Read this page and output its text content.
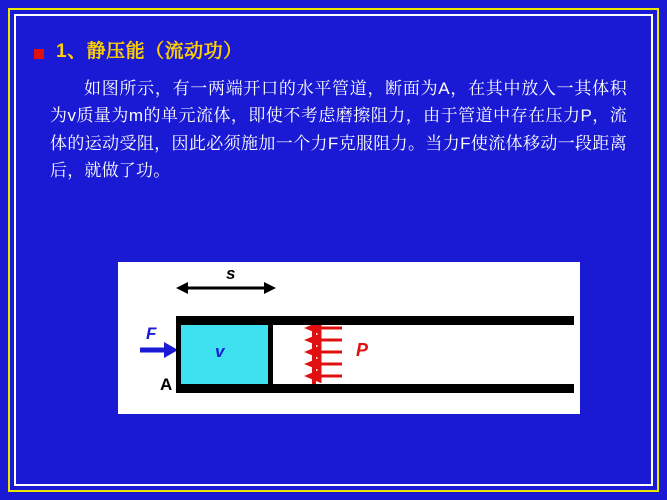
1、静压能（流动功）
如图所示，有一两端开口的水平管道，断面为A，在其中放入一其体积为v质量为m的单元流体，即使不考虑磨擦阻力，由于管道中存在压力P，流体的运动受阻，因此必须施加一个力F克服阻力。当力F使流体移动一段距离后，就做了功。
s
F
v
A
P
